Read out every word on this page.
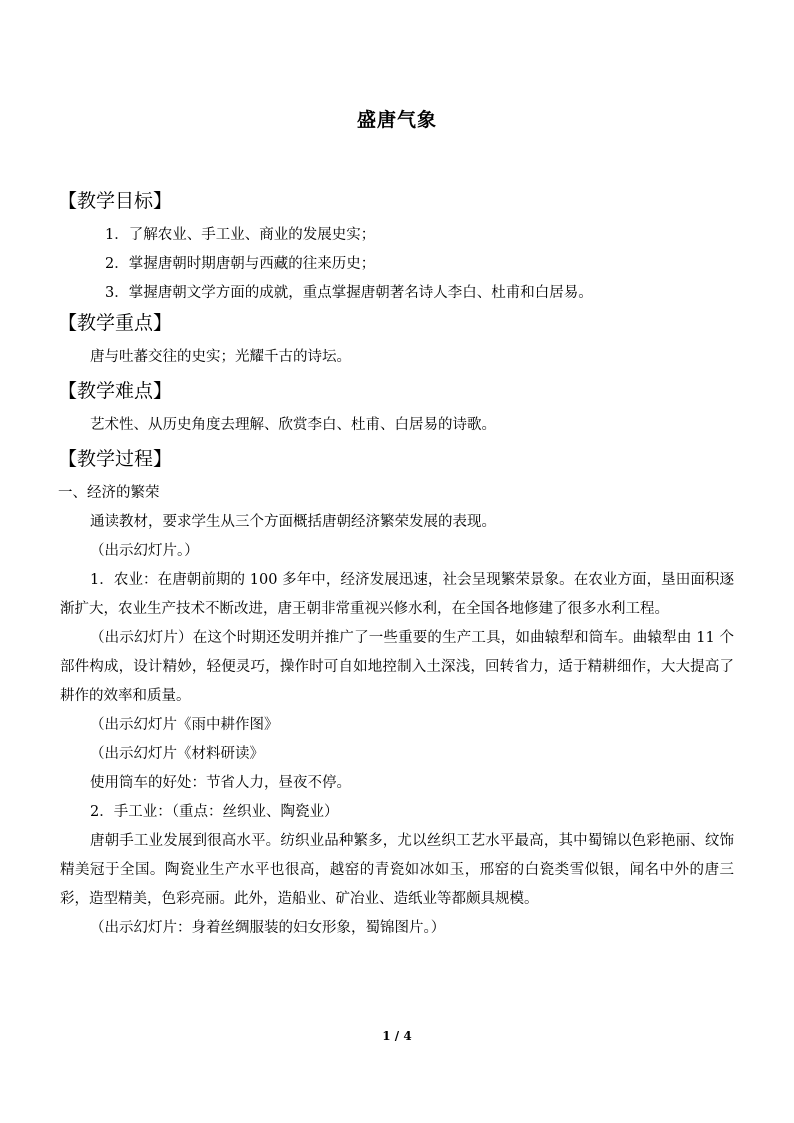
盛唐气象
【教学目标】
1．了解农业、手工业、商业的发展史实；
2．掌握唐朝时期唐朝与西藏的往来历史；
3．掌握唐朝文学方面的成就，重点掌握唐朝著名诗人李白、杜甫和白居易。
【教学重点】
唐与吐蕃交往的史实；光耀千古的诗坛。
【教学难点】
艺术性、从历史角度去理解、欣赏李白、杜甫、白居易的诗歌。
【教学过程】
一、经济的繁荣

通读教材，要求学生从三个方面概括唐朝经济繁荣发展的表现。

（出示幻灯片。）

1．农业：在唐朝前期的 100 多年中，经济发展迅速，社会呈现繁荣景象。在农业方面，垦田面积逐渐扩大，农业生产技术不断改进，唐王朝非常重视兴修水利，在全国各地修建了很多水利工程。

（出示幻灯片）在这个时期还发明并推广了一些重要的生产工具，如曲辕犁和筒车。曲辕犁由 11 个部件构成，设计精妙，轻便灵巧，操作时可自如地控制入土深浅，回转省力，适于精耕细作，大大提高了耕作的效率和质量。

（出示幻灯片《雨中耕作图》

（出示幻灯片《材料研读》

使用筒车的好处：节省人力，昼夜不停。

2．手工业：（重点：丝织业、陶瓷业）

唐朝手工业发展到很高水平。纺织业品种繁多，尤以丝织工艺水平最高，其中蜀锦以色彩艳丽、纹饰精美冠于全国。陶瓷业生产水平也很高，越窑的青瓷如冰如玉，邢窑的白瓷类雪似银，闻名中外的唐三彩，造型精美，色彩亮丽。此外，造船业、矿冶业、造纸业等都颇具规模。

（出示幻灯片：身着丝绸服装的妇女形象，蜀锦图片。）

1 / 4
